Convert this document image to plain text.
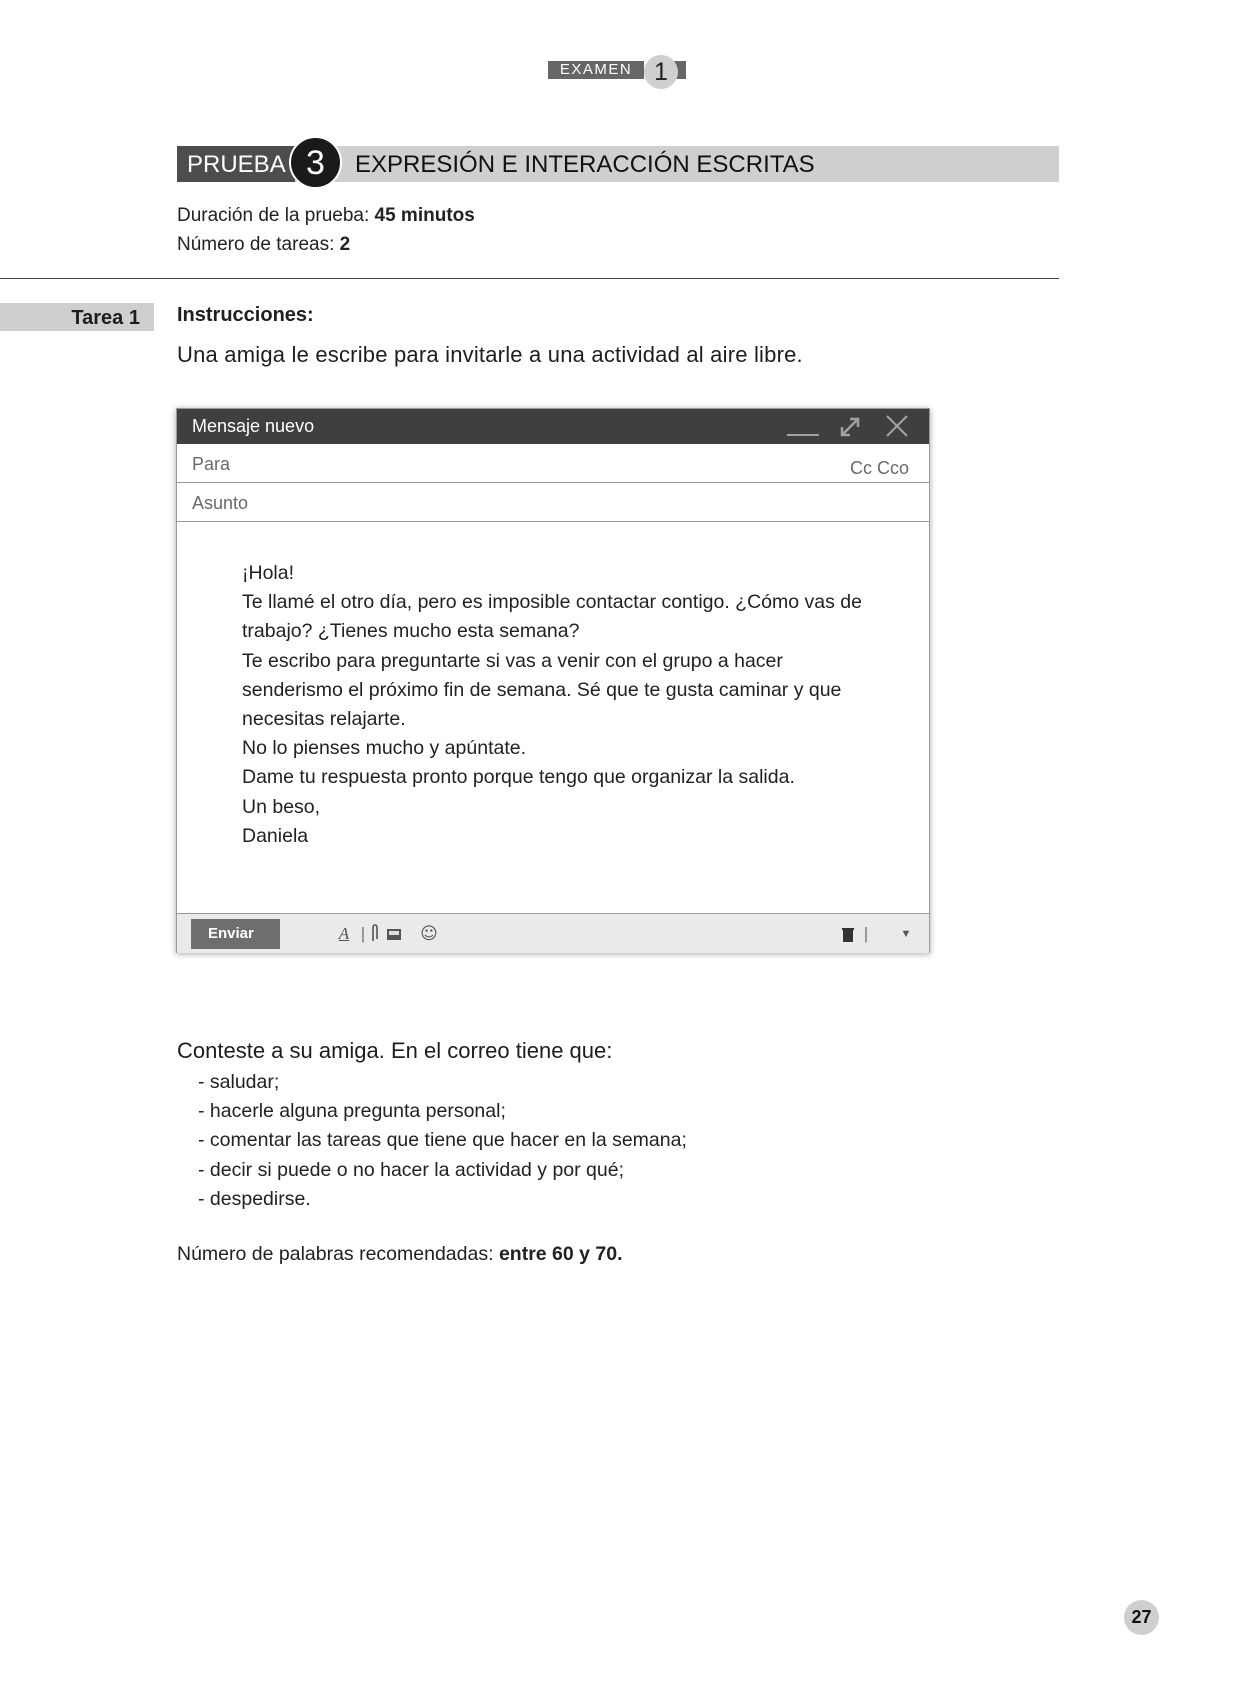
EXAMEN 1
PRUEBA 3	EXPRESIÓN E INTERACCIÓN ESCRITAS
Duración de la prueba: 45 minutos
Número de tareas: 2
Tarea 1	Instrucciones:
Una amiga le escribe para invitarle a una actividad al aire libre.
Mensaje nuevo
Para	Cc Cco
Asunto

¡Hola!

Te llamé el otro día, pero es imposible contactar contigo. ¿Cómo vas de

trabajo? ¿Tienes mucho esta semana?

Te escribo para preguntarte si vas a venir con el grupo a hacer

senderismo el próximo fin de semana. Sé que te gusta caminar y que

necesitas relajarte.

No lo pienses mucho y apúntate.

Dame tu respuesta pronto porque tengo que organizar la salida.

Un beso,

Daniela

Enviar	A |	☺	|	▼
Conteste a su amiga. En el correo tiene que:
- saludar;
- hacerle alguna pregunta personal;
- comentar las tareas que tiene que hacer en la semana;
- decir si puede o no hacer la actividad y por qué;
- despedirse.
Número de palabras recomendadas: entre 60 y 70.
27
